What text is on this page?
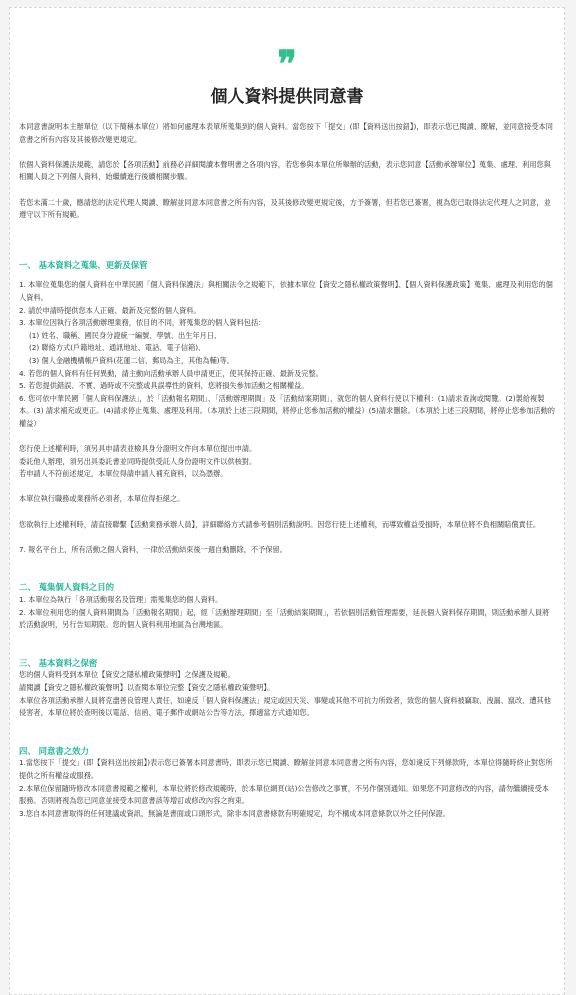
❞
個人資料提供同意書

本同意書說明本主辦單位（以下簡稱本單位）將如何處理本表單所蒐集到的個人資料。當您按下「提交」(即【資料送出按鈕】)，即表示您已閱讀、瞭解，並同意接受本同意書之所有內容及其後修改變更規定。

依個人資料保護法規範，請您於【各項活動】前務必詳細閱讀本聲明書之各項內容，若您參與本單位所舉辦的活動，表示您同意【活動承辦單位】蒐集、處理、利用您與相關人員之下列個人資料，始繼續進行後續相關步驟。

若您未滿二十歲，應請您的法定代理人閱讀、瞭解並同意本同意書之所有內容，及其後修改變更規定後，方予簽署，但若您已簽署，視為您已取得法定代理人之同意，並遵守以下所有規範。

一、 基本資料之蒐集、更新及保管

1. 本單位蒐集您的個人資料在中華民國「個人資料保護法」與相關法令之規範下，依據本單位【資安之隱私權政策聲明】、【個人資料保護政策】蒐集、處理及利用您的個人資料。

2. 請於申請時提供您本人正確、最新及完整的個人資料。

3. 本單位因執行各項活動辦理業務，依目的不同，將蒐集您的個人資料包括：

(1) 姓名、職稱、國民身分證統一編號、學號、出生年月日、

(2) 聯絡方式(戶籍地址、通訊地址、電話、電子信箱)、

(3) 個人金融機構帳戶資料(花蓮二信、郵局為主，其他為輔)等。

4. 若您的個人資料有任何異動，請主動向活動承辦人員申請更正，使其保持正確、最新及完整。

5. 若您提供錯誤、不實、過時或不完整或具誤導性的資料，您將損失參加活動之相關權益。

6. 您可依中華民國「個人資料保護法」，於「活動報名期間」、「活動辦理期間」及「活動結案期間」，就您的個人資料行使以下權利：(1)請求查詢或閱覽。(2)製給複製本。(3) 請求補充或更正。(4)請求停止蒐集、處理及利用。（本項於上述三段期間，將停止您參加活動的權益）(5)請求刪除。（本項於上述三段期間，將停止您參加活動的權益）

您行使上述權利時，須另具申請表並檢具身分證明文件向本單位提出申請。

委託他人辦理，須另出具委託書並同時提供受託人身份證明文件以供核對。

若申請人不符前述規定，本單位得請申請人補充資料，以為憑辦。

本單位執行職務或業務所必須者，本單位得拒絕之。

您欲執行上述權利時，請直接聯繫【活動業務承辦人員】，詳細聯絡方式請參考個別活動說明。因您行使上述權利，而導致權益受損時，本單位將不負相關賠償責任。

7. 報名平台上，所有活動之個人資料，一律於活動結束後一週自動刪除，不予保留。

二、 蒐集個人資料之目的

1. 本單位為執行「各項活動報名及管理」需蒐集您的個人資料。

2. 本單位利用您的個人資料期間為「活動報名期間」起，經「活動辦理期間」至「活動結案期間」，若依個別活動管理需要，延長個人資料保存期間，則活動承辦人員將於活動說明，另行告知期限。您的個人資料利用地區為台灣地區。

三、 基本資料之保密

您的個人資料受到本單位【資安之隱私權政策聲明】之保護及規範。

請閱讀【資安之隱私權政策聲明】以查閱本單位完整【資安之隱私權政策聲明】。

本單位各項活動承辦人員將克盡善良管理人責任，如違反「個人資料保護法」規定或因天災、事變或其他不可抗力所致者，致您的個人資料被竊取、洩漏、竄改、遭其他侵害者，本單位將於查明後以電話、信函、電子郵件或網站公告等方法，擇適當方式通知您。

四、 同意書之效力

1.當您按下「提交」(即【資料送出按鈕】)表示您已簽署本同意書時，即表示您已閱讀、瞭解並同意本同意書之所有內容，您如違反下列條款時，本單位得隨時終止對您所提供之所有權益或服務。

2.本單位保留隨時修改本同意書規範之權利，本單位將於修改規範時，於本單位網頁(站)公告修改之事實，不另作個別通知。如果您不同意修改的內容，請勿繼續接受本服務。否則將視為您已同意並接受本同意書該等增訂或修改內容之拘束。

3.您自本同意書取得的任何建議或資訊，無論是書面或口頭形式，除非本同意書條款有明確規定，均不構成本同意條款以外之任何保證。
